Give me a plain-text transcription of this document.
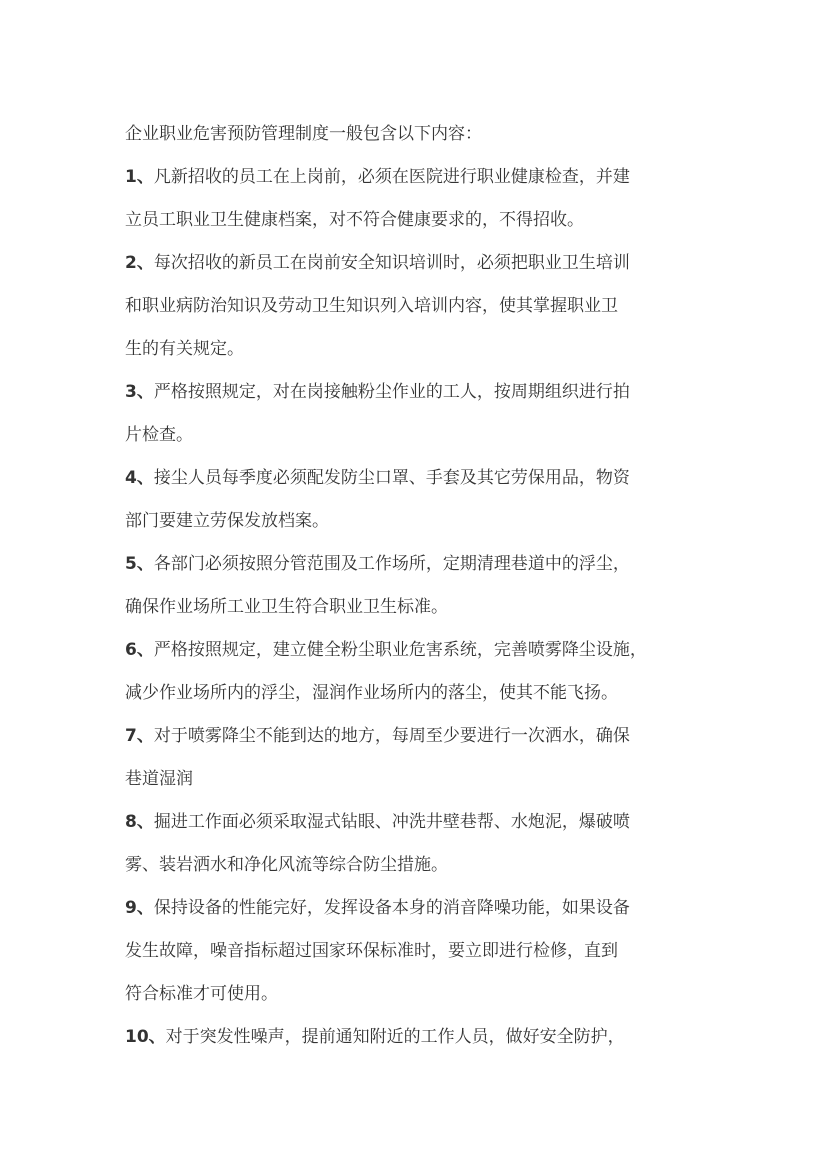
企业职业危害预防管理制度一般包含以下内容：

1、凡新招收的员工在上岗前，必须在医院进行职业健康检查，并建
立员工职业卫生健康档案，对不符合健康要求的，不得招收。
2、每次招收的新员工在岗前安全知识培训时，必须把职业卫生培训
和职业病防治知识及劳动卫生知识列入培训内容，使其掌握职业卫
生的有关规定。
3、严格按照规定，对在岗接触粉尘作业的工人，按周期组织进行拍
片检查。
4、接尘人员每季度必须配发防尘口罩、手套及其它劳保用品，物资
部门要建立劳保发放档案。
5、各部门必须按照分管范围及工作场所，定期清理巷道中的浮尘，
确保作业场所工业卫生符合职业卫生标准。
6、严格按照规定，建立健全粉尘职业危害系统，完善喷雾降尘设施，
减少作业场所内的浮尘，湿润作业场所内的落尘，使其不能飞扬。
7、对于喷雾降尘不能到达的地方，每周至少要进行一次洒水，确保
巷道湿润
8、掘进工作面必须采取湿式钻眼、冲洗井壁巷帮、水炮泥，爆破喷
雾、装岩洒水和净化风流等综合防尘措施。
9、保持设备的性能完好，发挥设备本身的消音降噪功能，如果设备
发生故障，噪音指标超过国家环保标准时，要立即进行检修，直到
符合标准才可使用。
10、对于突发性噪声，提前通知附近的工作人员，做好安全防护，
